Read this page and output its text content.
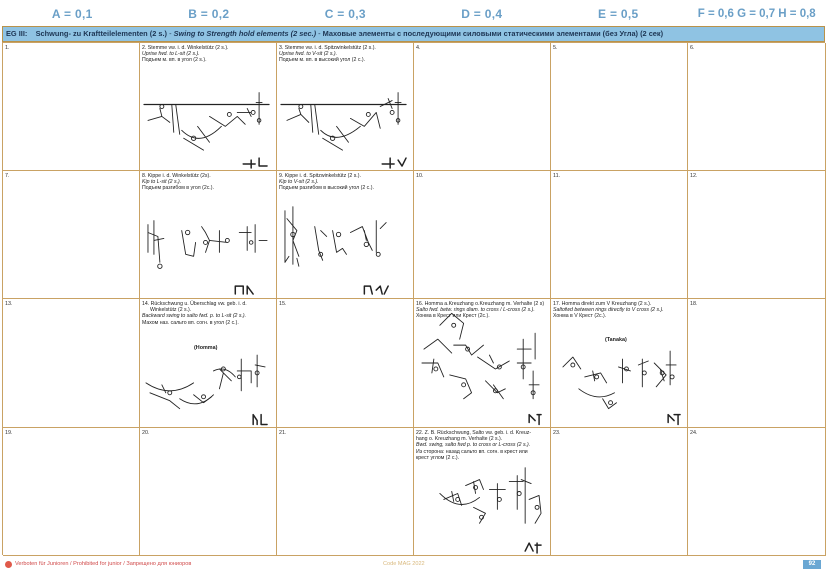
A = 0,1	B = 0,2	C = 0,3	D = 0,4	E = 0,5	F = 0,6 G = 0,7 H = 0,8
EG III: Schwung- zu Kraftteilelementen (2 s.) - Swing to Strength hold elements (2 sec.) - Маховые элементы с последующими силовыми статическими элементами (без Угла) (2 сек)
1.	2. Stemme vw. i. d. Winkelstütz (2 s.).
Uprise fwd. to L-sit (2 s.).
Подъем м. вп. в угол (2 s.).
3. Stemme vw. i. d. Spitzwinkelstütz (2 s.).
Uprise fwd. to V-sit (2 s.).
Подъем м. вп. в высокий угол (2 с.).
4.	5.	6.
7.	8. Kippe i. d. Winkelstütz (2s).
Kip to L-sit (2 s.).
Подъем разгибом в угол (2с.).
9. Kippe i. d. Spitzwinkelstütz (2 s.).
Kip to V-sit (2 s.).
Подъем разгибом в высокий угол (2 с.).
10.	11.	12.
13.	14. Rückschwung u. Überschlag vw. geb. i. d.
Winkelstütz (2 s.).
Backward swing to salto fwd. p. to L-sit (2 s.).
Махом наз. сальто вп. согн. в угол (2 с.).
(Homma)
15.	16. Homma a.Kreuzhang o.Kreuzhang m. Verhalte (2 s)
Salto fwd. betw. rings diam. to cross / L-cross (2 s.).
Хонма в Крест или Крест (2с.).
17. Homma direkt zum V Kreuzhang (2 s.).
Saltofwd between rings directly to V cross (2 s.).
Хонма в V Крест (2с.).
(Tanaka)
18.
19.	20.	21.	22. Z. B. Rückschwung, Salto vw. geb. i. d. Kreuz-
hang o. Kreuzhang m. Verhalte (2 s.).
Bwd. swing, salto fwd p. to cross or L-cross (2 s.).
Из сторона: назад сальто вп. согн. в крест или
крест углом (2 с.).
23.	24.
Verboten für Junioren / Prohibited for junior / Запрещено для юниоров	Code MAG 2022	92
